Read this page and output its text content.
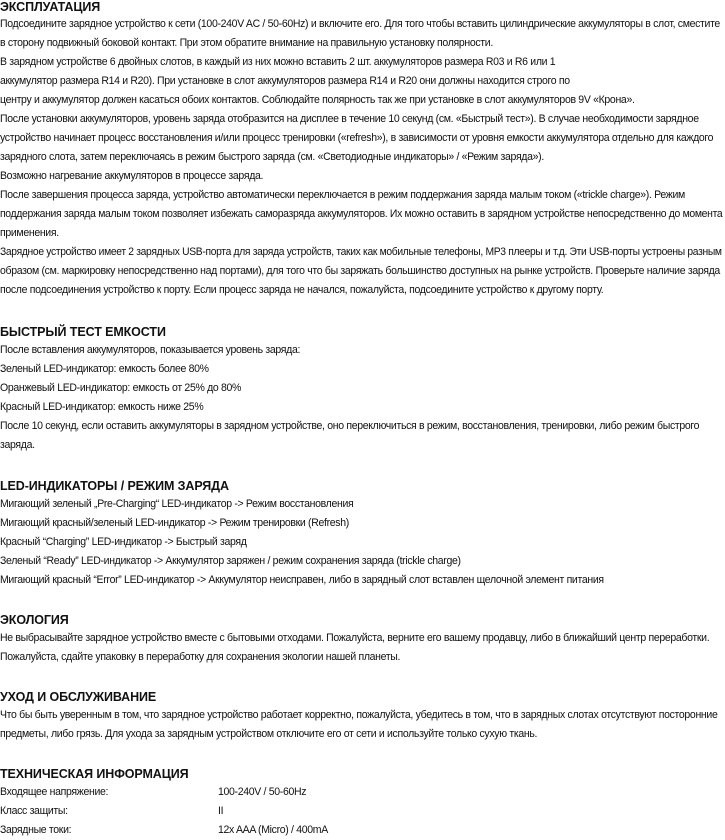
ЭКСПЛУАТАЦИЯ
Подсоедините зарядное устройство к сети (100-240V AC / 50-60Hz) и включите его. Для того чтобы вставить цилиндрические аккумуляторы в слот, сместите
в сторону подвижный боковой контакт. При этом обратите внимание на правильную установку полярности.
В зарядном устройстве 6 двойных слотов, в каждый из них можно вставить 2 шт. аккумуляторов размера R03 и R6 или 1
аккумулятор размера R14 и R20). При установке в слот аккумуляторов размера R14 и R20 они должны находится строго по
центру и аккумулятор должен касаться обоих контактов. Соблюдайте полярность так же при установке в слот аккумуляторов 9V «Крона».
После установки аккумуляторов, уровень заряда отобразится на дисплее в течение 10 секунд (см. «Быстрый тест»). В случае необходимости зарядное
устройство начинает процесс восстановления и/или процесс тренировки («refresh»), в зависимости от уровня емкости аккумулятора отдельно для каждого
зарядного слота, затем переключаясь в режим быстрого заряда (см. «Светодиодные индикаторы» / «Режим заряда»).
Возможно нагревание аккумуляторов в процессе заряда.
После завершения процесса заряда, устройство автоматически переключается в режим поддержания заряда малым током («trickle charge»). Режим
поддержания заряда малым током позволяет избежать саморазряда аккумуляторов. Их можно оставить в зарядном устройстве непосредственно до момента
применения.
Зарядное устройство имеет 2 зарядных USB-порта для заряда устройств, таких как мобильные телефоны, MP3 плееры и т.д. Эти USB-порты устроены разным
образом (см. маркировку непосредственно над портами), для того что бы заряжать большинство доступных на рынке устройств. Проверьте наличие заряда
после подсоединения устройство к порту. Если процесс заряда не начался, пожалуйста, подсоедините устройство к другому порту.
БЫСТРЫЙ ТЕСТ ЕМКОСТИ
После вставления аккумуляторов, показывается уровень заряда:
Зеленый LED-индикатор: емкость более 80%
Оранжевый LED-индикатор: емкость от 25% до 80%
Красный LED-индикатор: емкость ниже 25%
После 10 секунд, если оставить аккумуляторы в зарядном устройстве, оно переключиться в режим, восстановления, тренировки, либо режим быстрого
заряда.
LED-ИНДИКАТОРЫ / РЕЖИМ ЗАРЯДА
Мигающий зеленый „Pre-Charging“ LED-индикатор -> Режим восстановления
Мигающий красный/зеленый LED-индикатор -> Режим тренировки (Refresh)
Красный “Charging” LED-индикатор -> Быстрый заряд
Зеленый “Ready” LED-индикатор -> Аккумулятор заряжен / режим сохранения заряда (trickle charge)
Мигающий красный “Error” LED-индикатор -> Аккумулятор неисправен, либо в зарядный слот вставлен щелочной элемент питания
ЭКОЛОГИЯ
Не выбрасывайте зарядное устройство вместе с бытовыми отходами. Пожалуйста, верните его вашему продавцу, либо в ближайший центр переработки.
Пожалуйста, сдайте упаковку в переработку для сохранения экологии нашей планеты.
УХОД И ОБСЛУЖИВАНИЕ
Что бы быть уверенным в том, что зарядное устройство работает корректно, пожалуйста, убедитесь в том, что в зарядных слотах отсутствуют посторонние
предметы, либо грязь. Для ухода за зарядным устройством отключите его от сети и используйте только сухую ткань.
ТЕХНИЧЕСКАЯ ИНФОРМАЦИЯ
Входящее напряжение:	100-240V / 50-60Hz
Класс защиты:	II
Зарядные токи:	12x AAA (Micro) / 400mA
